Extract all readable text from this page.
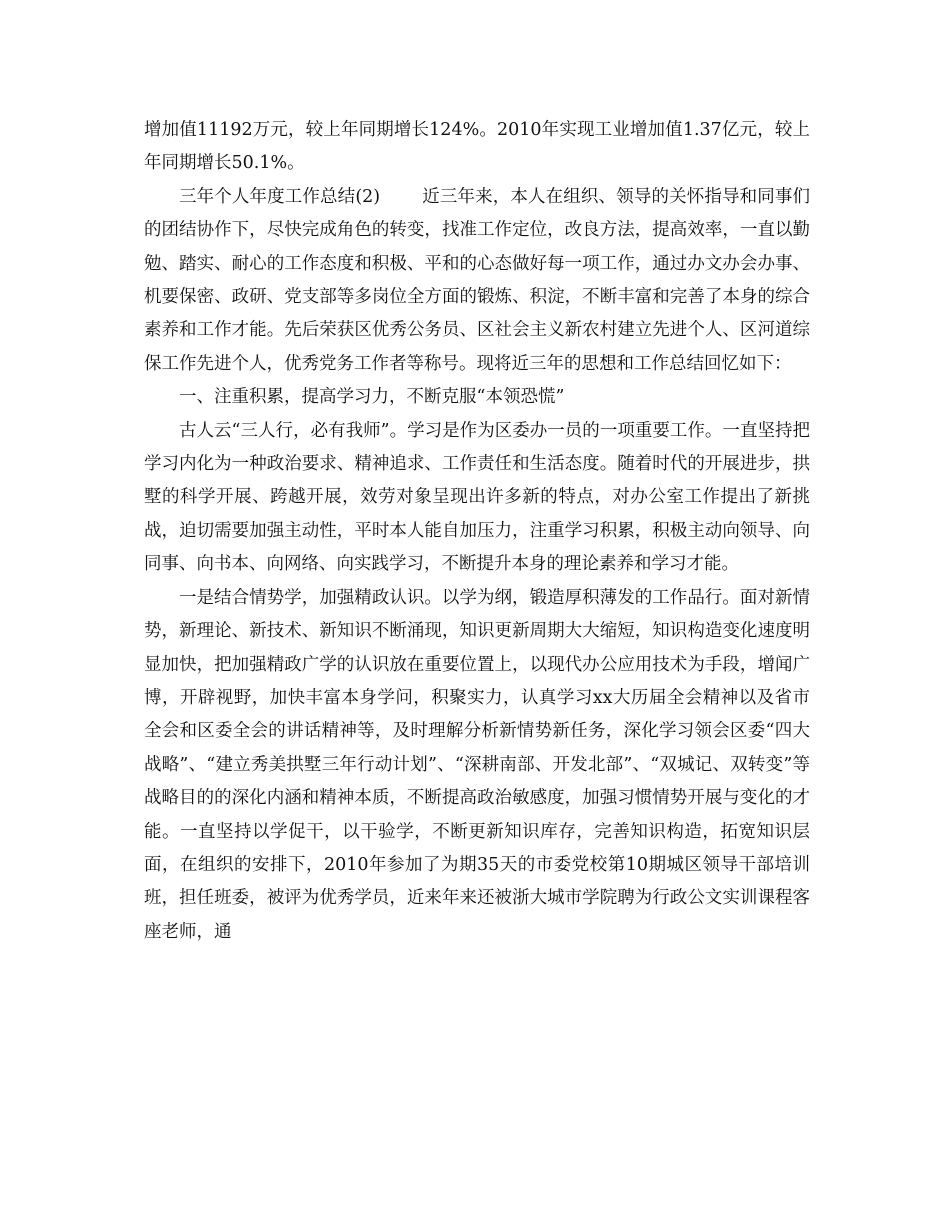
增加值11192万元，较上年同期增长124%。2010年实现工业增加值1.37亿元，较上年同期增长50.1%。

三年个人年度工作总结(2) 近三年来，本人在组织、领导的关怀指导和同事们的团结协作下，尽快完成角色的转变，找准工作定位，改良方法，提高效率，一直以勤勉、踏实、耐心的工作态度和积极、平和的心态做好每一项工作，通过办文办会办事、机要保密、政研、党支部等多岗位全方面的锻炼、积淀，不断丰富和完善了本身的综合素养和工作才能。先后荣获区优秀公务员、区社会主义新农村建立先进个人、区河道综保工作先进个人，优秀党务工作者等称号。现将近三年的思想和工作总结回忆如下：

一、注重积累，提高学习力，不断克服“本领恐慌”

古人云“三人行，必有我师”。学习是作为区委办一员的一项重要工作。一直坚持把学习内化为一种政治要求、精神追求、工作责任和生活态度。随着时代的开展进步，拱墅的科学开展、跨越开展，效劳对象呈现出许多新的特点，对办公室工作提出了新挑战，迫切需要加强主动性，平时本人能自加压力，注重学习积累，积极主动向领导、向同事、向书本、向网络、向实践学习，不断提升本身的理论素养和学习才能。

一是结合情势学，加强精政认识。以学为纲，锻造厚积薄发的工作品行。面对新情势，新理论、新技术、新知识不断涌现，知识更新周期大大缩短，知识构造变化速度明显加快，把加强精政广学的认识放在重要位置上，以现代办公应用技术为手段，增闻广博，开辟视野，加快丰富本身学问，积聚实力，认真学习xx大历届全会精神以及省市全会和区委全会的讲话精神等，及时理解分析新情势新任务，深化学习领会区委“四大战略”、“建立秀美拱墅三年行动计划”、“深耕南部、开发北部”、“双城记、双转变”等战略目的的深化内涵和精神本质，不断提高政治敏感度，加强习惯情势开展与变化的才能。一直坚持以学促干，以干验学，不断更新知识库存，完善知识构造，拓宽知识层面，在组织的安排下，2010年参加了为期35天的市委党校第10期城区领导干部培训班，担任班委，被评为优秀学员，近来年来还被浙大城市学院聘为行政公文实训课程客座老师，通
